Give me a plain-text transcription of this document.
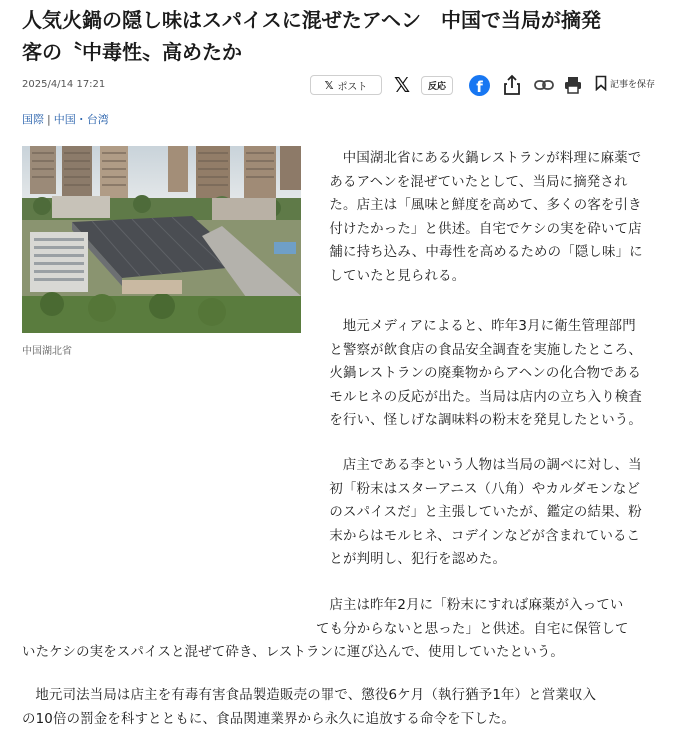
人気火鍋の隠し味はスパイスに混ぜたアヘン　中国で当局が摘発
客の〝中毒性〟高めたか
2025/4/14 17:21	𝕏 ポスト 𝕏 反応	f	記事を保存
国際 | 中国・台湾
中国湖北省

中国湖北省にある火鍋レストランが料理に麻薬で
あるアヘンを混ぜていたとして、当局に摘発され
た。店主は「風味と鮮度を高めて、多くの客を引き
付けたかった」と供述。自宅でケシの実を砕いて店
舗に持ち込み、中毒性を高めるための「隠し味」に
していたと見られる。

地元メディアによると、昨年3月に衛生管理部門
と警察が飲食店の食品安全調査を実施したところ、
火鍋レストランの廃棄物からアヘンの化合物である
モルヒネの反応が出た。当局は店内の立ち入り検査
を行い、怪しげな調味料の粉末を発見したという。

店主である李という人物は当局の調べに対し、当
初「粉末はスターアニス（八角）やカルダモンなど
のスパイスだ」と主張していたが、鑑定の結果、粉
末からはモルヒネ、コデインなどが含まれているこ
とが判明し、犯行を認めた。

店主は昨年2月に「粉末にすれば麻薬が入ってい
ても分からないと思った」と供述。自宅に保管して

いたケシの実をスパイスと混ぜて砕き、レストランに運び込んで、使用していたという。

地元司法当局は店主を有毒有害食品製造販売の罪で、懲役6ケ月（執行猶予1年）と営業収入
の10倍の罰金を科すとともに、食品関連業界から永久に追放する命令を下した。
